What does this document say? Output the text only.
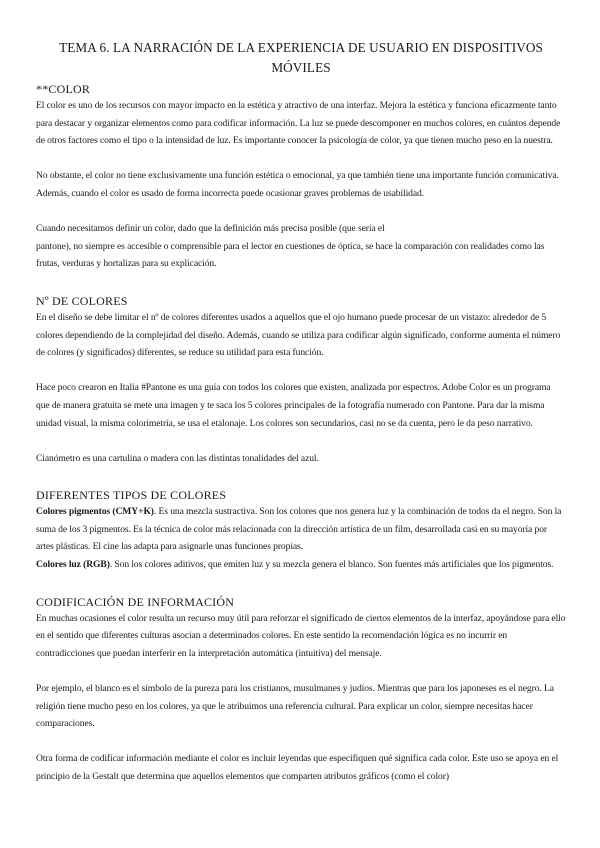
TEMA 6. LA NARRACIÓN DE LA EXPERIENCIA DE USUARIO EN DISPOSITIVOS MÓVILES
**COLOR

El color es uno de los recursos con mayor impacto en la estética y atractivo de una interfaz. Mejora la estética y funciona eficazmente tanto para destacar y organizar elementos como para codificar información. La luz se puede descomponer en muchos colores, en cuántos depende de otros factores como el tipo o la intensidad de luz. Es importante conocer la psicología de color, ya que tienen mucho peso en la nuestra.

No obstante, el color no tiene exclusivamente una función estética o emocional, ya que también tiene una importante función comunicativa. Además, cuando el color es usado de forma incorrecta puede ocasionar graves problemas de usabilidad.

Cuando necesitamos definir un color, dado que la definición más precisa posible (que sería el
pantone), no siempre es accesible o comprensible para el lector en cuestiones de óptica, se hace la comparación con realidades como las frutas, verduras y hortalizas para su explicación.

Nº DE COLORES

En el diseño se debe limitar el nº de colores diferentes usados a aquellos que el ojo humano puede procesar de un vistazo: alrededor de 5 colores dependiendo de la complejidad del diseño. Además, cuando se utiliza para codificar algún significado, conforme aumenta el número de colores (y significados) diferentes, se reduce su utilidad para esta función.

Hace poco crearon en Italia #Pantone es una guía con todos los colores que existen, analizada por espectros. Adobe Color es un programa que de manera gratuita se mete una imagen y te saca los 5 colores principales de la fotografía numerado con Pantone. Para dar la misma unidad visual, la misma colorimetría, se usa el etalonaje. Los colores son secundarios, casi no se da cuenta, pero le da peso narrativo.

Cianómetro es una cartulina o madera con las distintas tonalidades del azul.

DIFERENTES TIPOS DE COLORES

Colores pigmentos (CMY+K). Es una mezcla sustractiva. Son los colores que nos genera luz y la combinación de todos da el negro. Son la suma de los 3 pigmentos. Es la técnica de color más relacionada con la dirección artística de un film, desarrollada casi en su mayoría por artes plásticas. El cine las adapta para asignarle unas funciones propias.

Colores luz (RGB). Son los colores aditivos, que emiten luz y su mezcla genera el blanco. Son fuentes más artificiales que los pigmentos.

CODIFICACIÓN DE INFORMACIÓN

En muchas ocasiones el color resulta un recurso muy útil para reforzar el significado de ciertos elementos de la interfaz, apoyándose para ello en el sentido que diferentes culturas asocian a determinados colores. En este sentido la recomendación lógica es no incurrir en contradicciones que puedan interferir en la interpretación automática (intuitiva) del mensaje.

Por ejemplo, el blanco es el símbolo de la pureza para los cristianos, musulmanes y judíos. Mientras que para los japoneses es el negro. La religión tiene mucho peso en los colores, ya que le atribuimos una referencia cultural. Para explicar un color, siempre necesitas hacer comparaciones.

Otra forma de codificar información mediante el color es incluir leyendas que especifiquen qué significa cada color. Este uso se apoya en el principio de la Gestalt que determina que aquellos elementos que comparten atributos gráficos (como el color)
